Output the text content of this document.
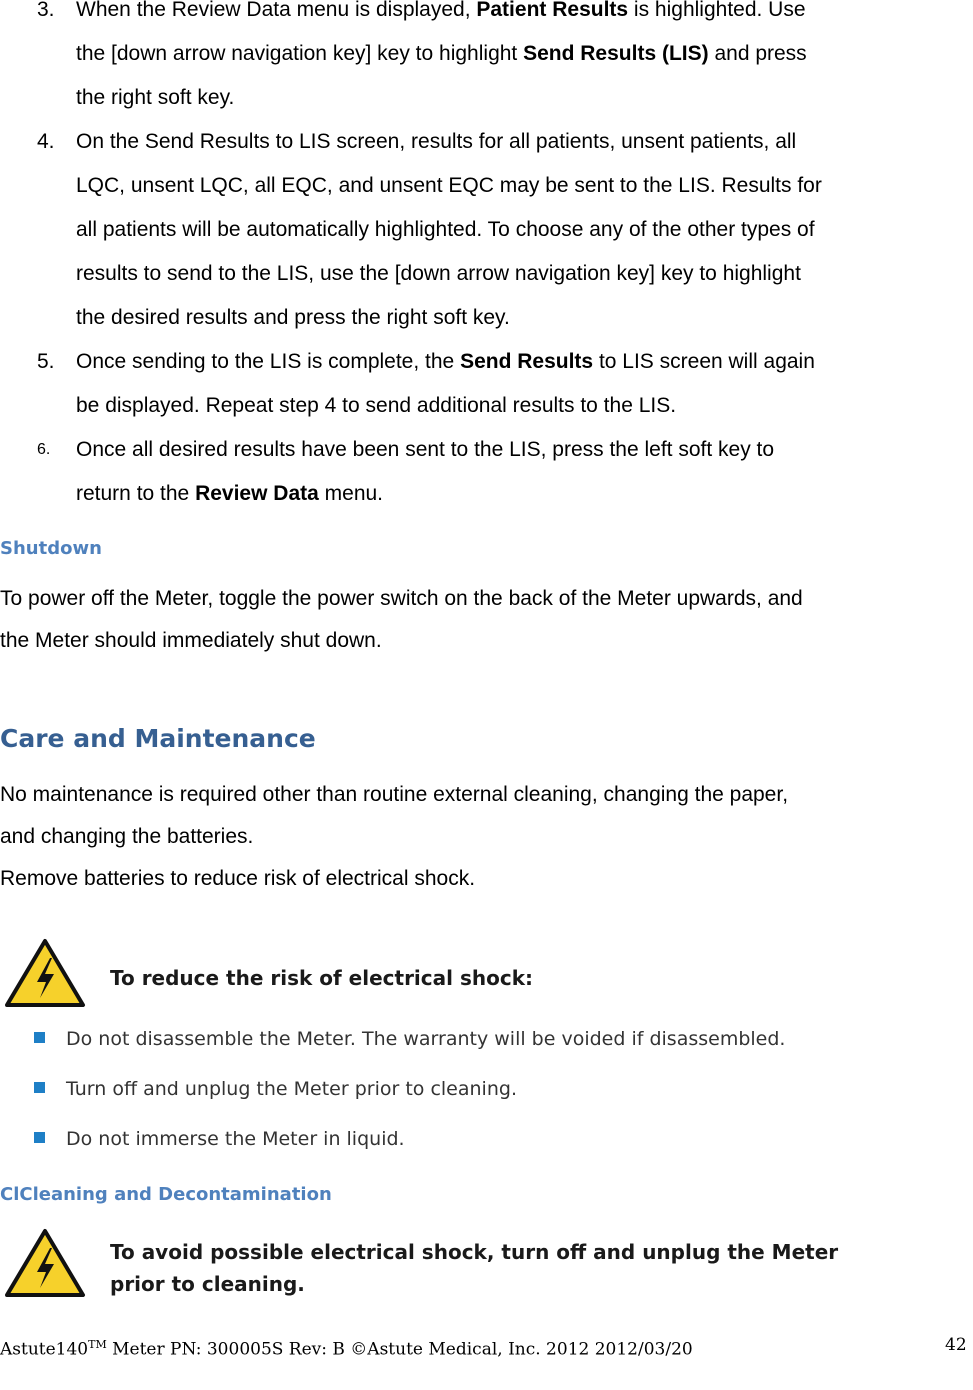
3. When the Review Data menu is displayed, Patient Results is highlighted. Use
the [down arrow navigation key] key to highlight Send Results (LIS) and press
the right soft key.
4. On the Send Results to LIS screen, results for all patients, unsent patients, all
LQC, unsent LQC, all EQC, and unsent EQC may be sent to the LIS. Results for
all patients will be automatically highlighted. To choose any of the other types of
results to send to the LIS, use the [down arrow navigation key] key to highlight
the desired results and press the right soft key.
5. Once sending to the LIS is complete, the Send Results to LIS screen will again
be displayed. Repeat step 4 to send additional results to the LIS.
6. Once all desired results have been sent to the LIS, press the left soft key to
return to the Review Data menu.
Shutdown
To power off the Meter, toggle the power switch on the back of the Meter upwards, and
the Meter should immediately shut down.
Care and Maintenance
No maintenance is required other than routine external cleaning, changing the paper,
and changing the batteries.
Remove batteries to reduce risk of electrical shock.
To reduce the risk of electrical shock:
Do not disassemble the Meter. The warranty will be voided if disassembled.
Turn off and unplug the Meter prior to cleaning.
Do not immerse the Meter in liquid.
ClCleaning and Decontamination
To avoid possible electrical shock, turn off and unplug the Meter
prior to cleaning.
Astute140™ Meter PN: 300005S Rev: B ©Astute Medical, Inc. 2012 2012/03/20	42
